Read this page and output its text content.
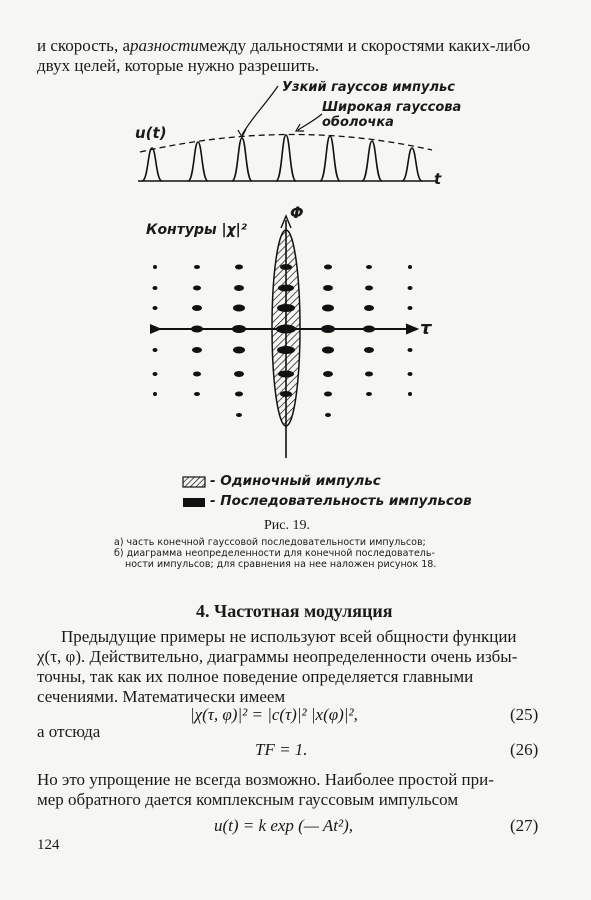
и скорость, аразностимежду дальностями и скоростями каких-либо
двух целей, которые нужно разрешить.
Узкий гауссов импульс
Широкая гауссова
оболочка
u(t)
t
Контуры |χ|²
Φ
τ
- Одиночный импульс
- Последовательность импульсов
Рис. 19.
а) часть конечной гауссовой последовательности импульсов;
б) диаграмма неопределенности для конечной последователь-
ности импульсов; для сравнения на нее наложен рисунок 18.
4. Частотная модуляция
Предыдущие примеры не используют всей общности функции
χ(τ, φ). Действительно, диаграммы неопределенности очень избы-
точны, так как их полное поведение определяется главными
сечениями. Математически имеем
|χ(τ, φ)|² = |c(τ)|² |x(φ)|²,	(25)
а отсюда
TF = 1.	(26)
Но это упрощение не всегда возможно. Наиболее простой при-
мер обратного дается комплексным гауссовым импульсом
u(t) = k exp (— At²),	(27)
124
